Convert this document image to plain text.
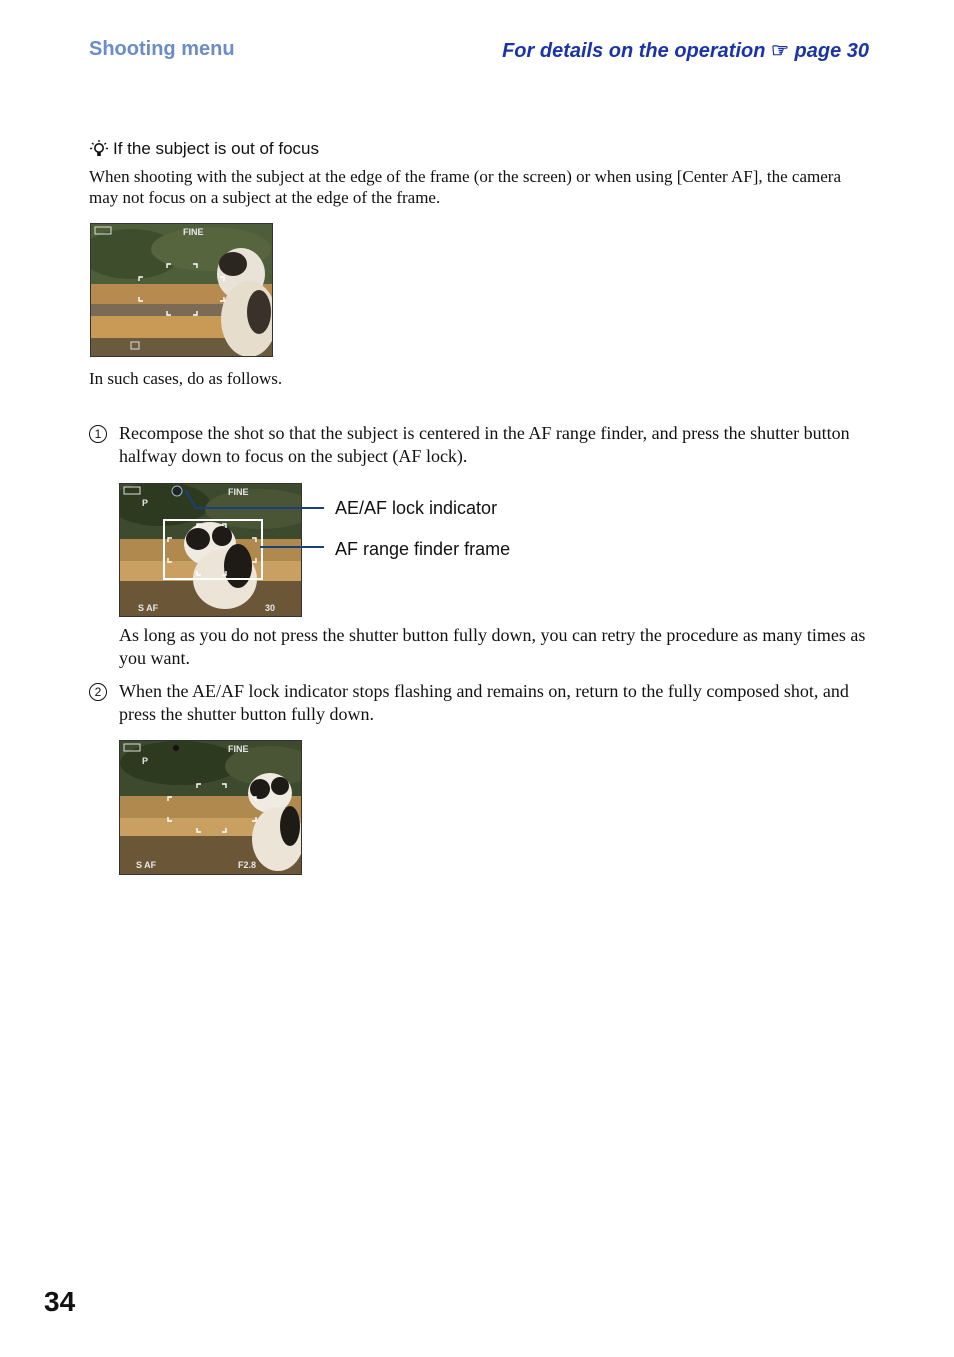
Shooting menu	For details on the operation ☞ page 30
If the subject is out of focus
When shooting with the subject at the edge of the frame (or the screen) or when using [Center AF], the camera may not focus on a subject at the edge of the frame.
FINE
In such cases, do as follows.
1 Recompose the shot so that the subject is centered in the AF range finder, and press the shutter button halfway down to focus on the subject (AF lock).
P
FINE
S AF	30
AE/AF lock indicator
AF range finder frame
As long as you do not press the shutter button fully down, you can retry the procedure as many times as you want.
2 When the AE/AF lock indicator stops flashing and remains on, return to the fully composed shot, and press the shutter button fully down.
P
FINE
S AF	F2.8
34
